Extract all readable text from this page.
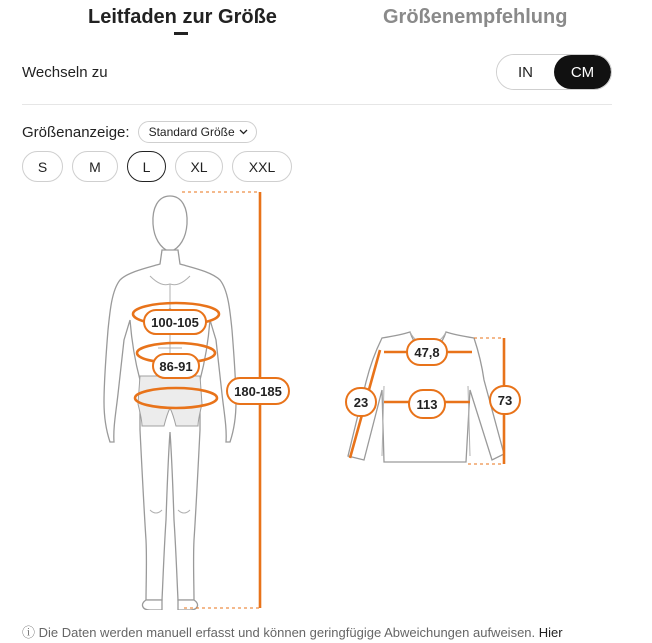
Leitfaden zur Größe	Größenempfehlung
Wechseln zu	IN	CM
Größenanzeige: Standard Größe
S	M	L	XL	XXL
100-105
86-91
180-185
47,8
23	113	73
ⓘ Die Daten werden manuell erfasst und können geringfügige Abweichungen aufweisen. Hier
